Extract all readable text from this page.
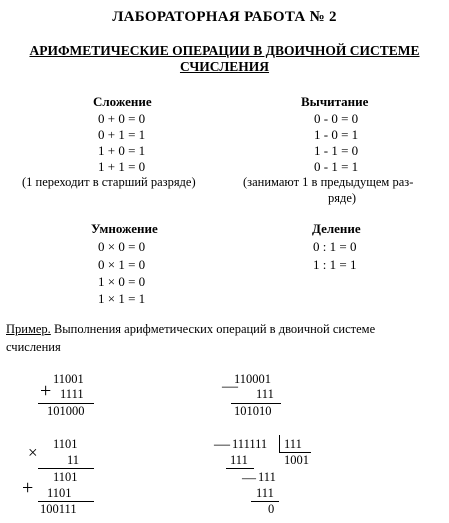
ЛАБОРАТОРНАЯ РАБОТА № 2
АРИФМЕТИЧЕСКИЕ ОПЕРАЦИИ В ДВОИЧНОЙ СИСТЕМЕ
СЧИСЛЕНИЯ
Сложение
0 + 0 = 0
0 + 1 = 1
1 + 0 = 1
1 + 1 = 0
(1 переходит в старший разряде)
Вычитание
0 - 0 = 0
1 - 0 = 1
1 - 1 = 0
0 - 1 = 1
(занимают 1 в предыдущем раз-
ряде)
Умножение
0 × 0 = 0
0 × 1 = 0
1 × 0 = 0
1 × 1 = 1
Деление
0 : 1 = 0
1 : 1 = 1
Пример. Выполнения арифметических операций в двоичной системе
счисления
+
11001
1111
101000
110001
— 111
101010
1101
× 11
1101
+ 1101
100111
— 111111 111
111	1001
— 111
111
0
